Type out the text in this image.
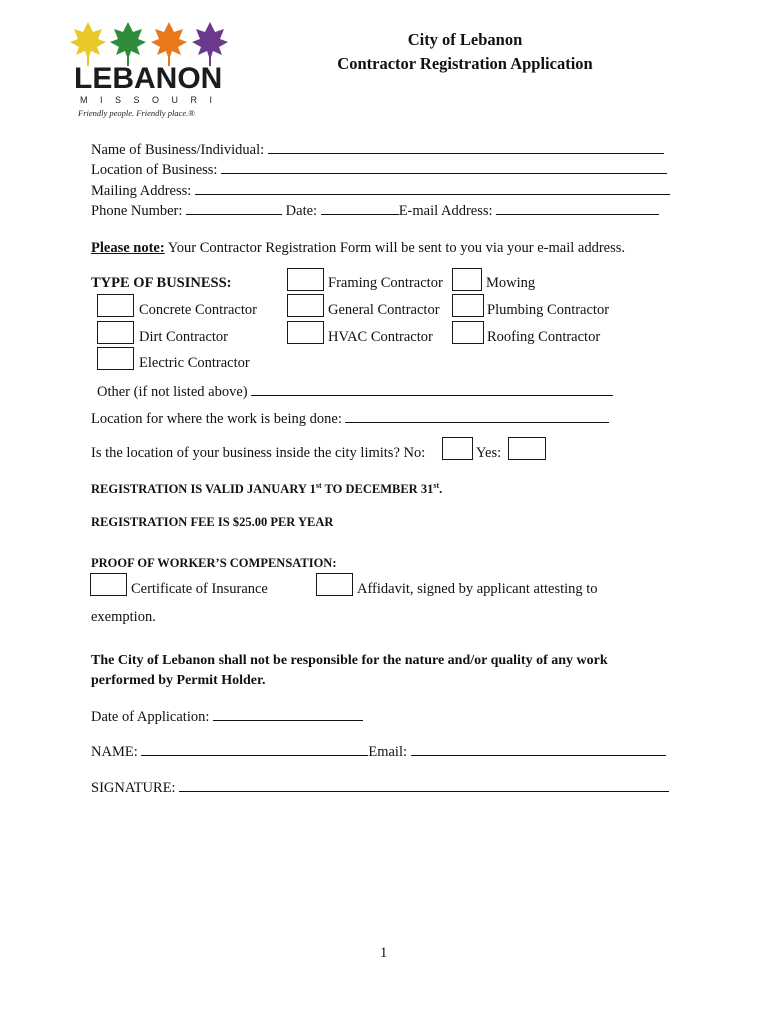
LEBANON
M I S S O U R I
Friendly people. Friendly place.®
City of Lebanon
Contractor Registration Application
Name of Business/Individual:
Location of Business:
Mailing Address:
Phone Number:	Date:	E-mail Address:
Please note: Your Contractor Registration Form will be sent to you via your e-mail address.
TYPE OF BUSINESS:	Framing Contractor	Mowing
Concrete Contractor	General Contractor	Plumbing Contractor
Dirt Contractor	HVAC Contractor	Roofing Contractor
Electric Contractor
Other (if not listed above)
Location for where the work is being done:
Is the location of your business inside the city limits? No:	Yes:
REGISTRATION IS VALID JANUARY 1st TO DECEMBER 31st.
REGISTRATION FEE IS $25.00 PER YEAR
PROOF OF WORKER’S COMPENSATION:
Certificate of Insurance	Affidavit, signed by applicant attesting to
exemption.
The City of Lebanon shall not be responsible for the nature and/or quality of any work
performed by Permit Holder.
Date of Application:
NAME:	Email:
SIGNATURE:
1
